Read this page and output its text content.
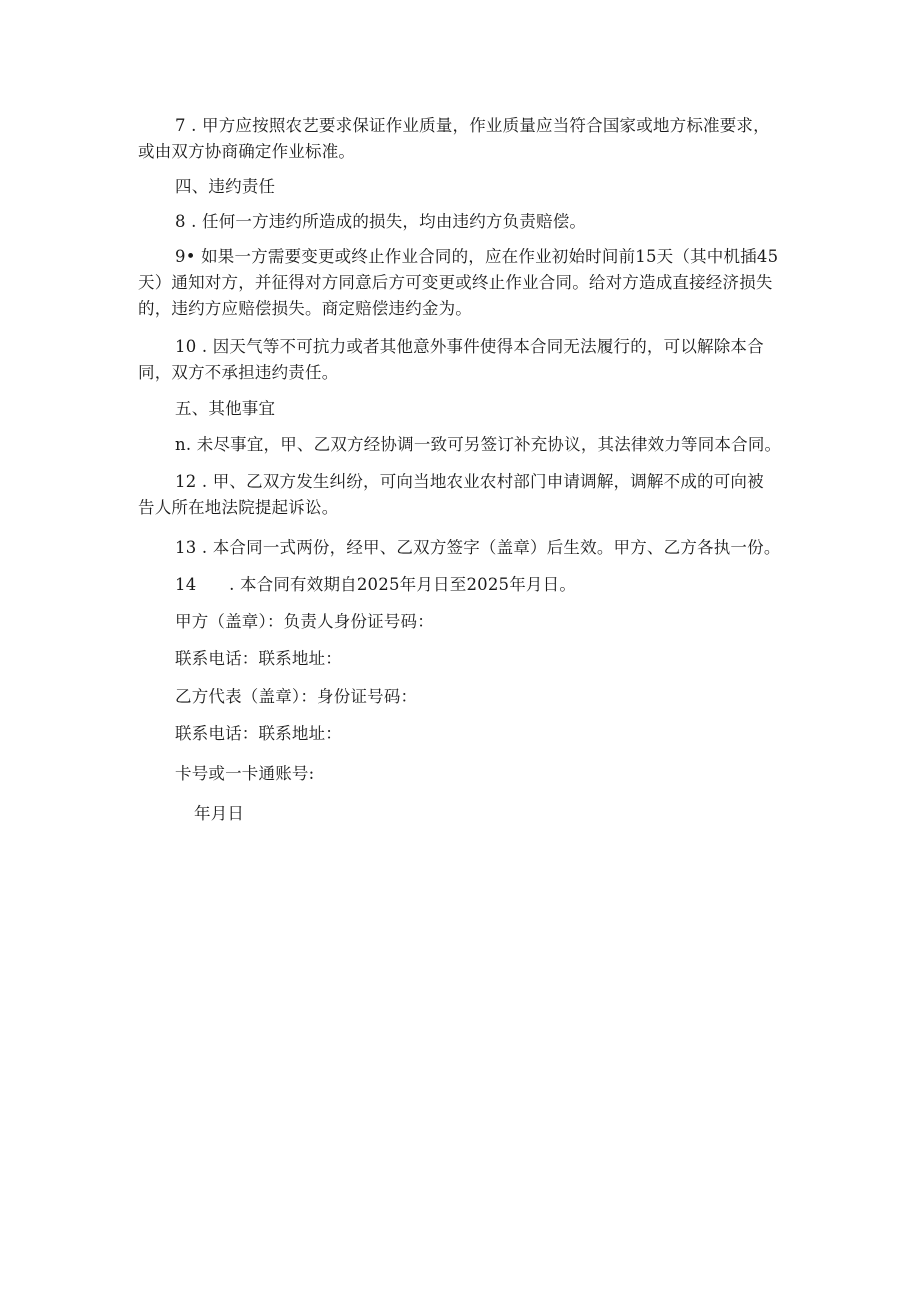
7 . 甲方应按照农艺要求保证作业质量，作业质量应当符合国家或地方标准要求，
或由双方协商确定作业标准。
四、违约责任
8 . 任何一方违约所造成的损失，均由违约方负责赔偿。
9• 如果一方需要变更或终止作业合同的，应在作业初始时间前15天（其中机插45
天）通知对方，并征得对方同意后方可变更或终止作业合同。给对方造成直接经济损失
的，违约方应赔偿损失。商定赔偿违约金为。
10 . 因天气等不可抗力或者其他意外事件使得本合同无法履行的，可以解除本合
同，双方不承担违约责任。
五、其他事宜
n. 未尽事宜，甲、乙双方经协调一致可另签订补充协议，其法律效力等同本合同。
12 . 甲、乙双方发生纠纷，可向当地农业农村部门申请调解，调解不成的可向被
告人所在地法院提起诉讼。
13 . 本合同一式两份，经甲、乙双方签字（盖章）后生效。甲方、乙方各执一份。
14      . 本合同有效期自2025年月日至2025年月日。
甲方（盖章）：负责人身份证号码：
联系电话：联系地址：
乙方代表（盖章）：身份证号码：
联系电话：联系地址：
卡号或一卡通账号:
年月日
